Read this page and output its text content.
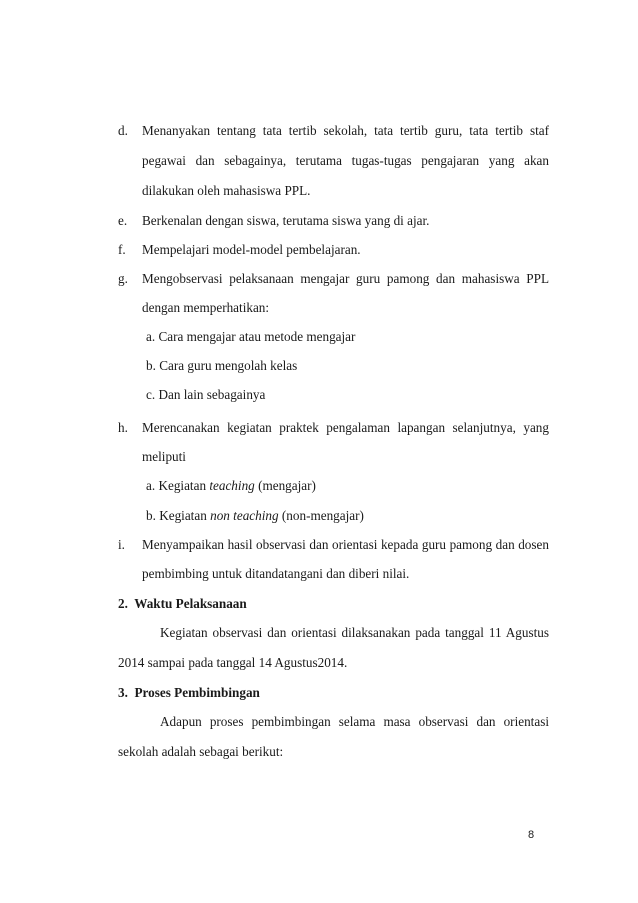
d. Menanyakan tentang tata tertib sekolah, tata tertib guru, tata tertib staf
pegawai dan sebagainya, terutama tugas-tugas pengajaran yang akan
dilakukan oleh mahasiswa PPL.
e. Berkenalan dengan siswa, terutama siswa yang di ajar.
f. Mempelajari model-model pembelajaran.
g. Mengobservasi pelaksanaan mengajar guru pamong dan mahasiswa PPL
dengan memperhatikan:
a. Cara mengajar atau metode mengajar
b. Cara guru mengolah kelas
c. Dan lain sebagainya
h. Merencanakan kegiatan praktek pengalaman lapangan selanjutnya, yang
meliputi
a. Kegiatan teaching (mengajar)
b. Kegiatan non teaching (non-mengajar)
i. Menyampaikan hasil observasi dan orientasi kepada guru pamong dan dosen
pembimbing untuk ditandatangani dan diberi nilai.
2.  Waktu Pelaksanaan
Kegiatan observasi dan orientasi dilaksanakan pada tanggal 11 Agustus
2014 sampai pada tanggal 14 Agustus2014.
3.  Proses Pembimbingan
Adapun proses pembimbingan selama masa observasi dan orientasi
sekolah adalah sebagai berikut:
8
